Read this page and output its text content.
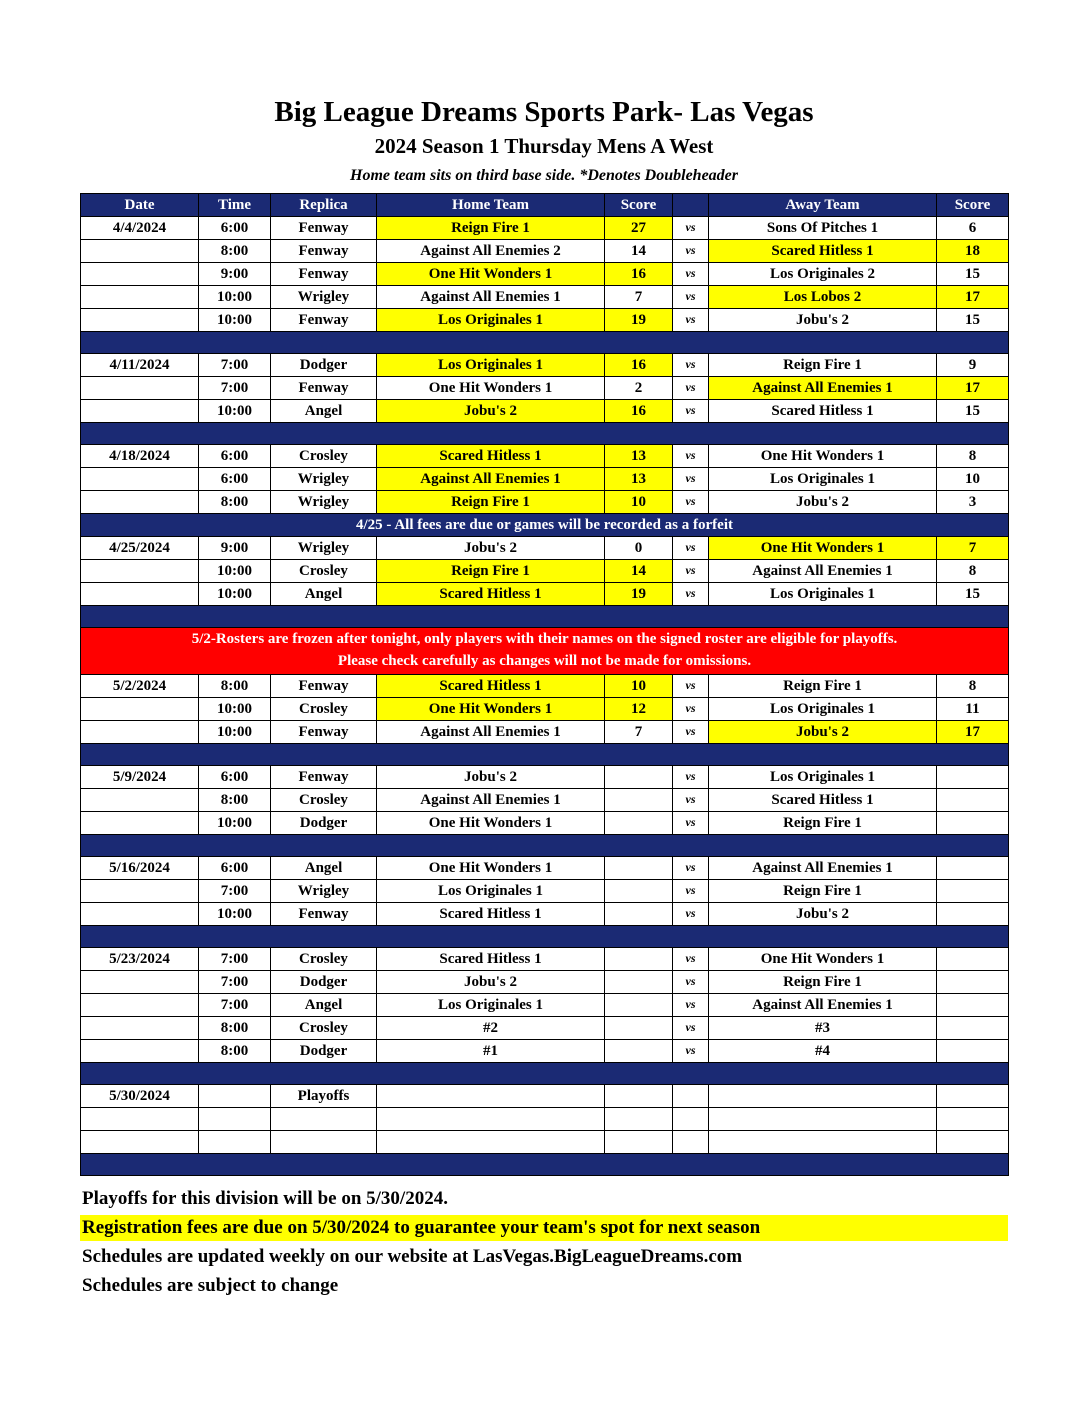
Big League Dreams Sports Park- Las Vegas
2024 Season 1 Thursday Mens A West
Home team sits on third base side. *Denotes Doubleheader
Date	Time	Replica	Home Team	Score		Away Team	Score
4/4/2024	6:00	Fenway	Reign Fire 1	27	vs	Sons Of Pitches 1	6
	8:00	Fenway	Against All Enemies 2	14	vs	Scared Hitless 1	18
	9:00	Fenway	One Hit Wonders 1	16	vs	Los Originales 2	15
	10:00	Wrigley	Against All Enemies 1	7	vs	Los Lobos 2	17
	10:00	Fenway	Los Originales 1	19	vs	Jobu's 2	15

4/11/2024	7:00	Dodger	Los Originales 1	16	vs	Reign Fire 1	9
	7:00	Fenway	One Hit Wonders 1	2	vs	Against All Enemies 1	17
	10:00	Angel	Jobu's 2	16	vs	Scared Hitless 1	15

4/18/2024	6:00	Crosley	Scared Hitless 1	13	vs	One Hit Wonders 1	8
	6:00	Wrigley	Against All Enemies 1	13	vs	Los Originales 1	10
	8:00	Wrigley	Reign Fire 1	10	vs	Jobu's 2	3
4/25 - All fees are due or games will be recorded as a forfeit							
4/25/2024	9:00	Wrigley	Jobu's 2	0	vs	One Hit Wonders 1	7
	10:00	Crosley	Reign Fire 1	14	vs	Against All Enemies 1	8
	10:00	Angel	Scared Hitless 1	19	vs	Los Originales 1	15

5/2-Rosters are frozen after tonight, only players with their names on the signed roster are eligible for playoffs.
Please check carefully as changes will not be made for omissions.							

5/2/2024	8:00	Fenway	Scared Hitless 1	10	vs	Reign Fire 1	8
	10:00	Crosley	One Hit Wonders 1	12	vs	Los Originales 1	11
	10:00	Fenway	Against All Enemies 1	7	vs	Jobu's 2	17

5/9/2024	6:00	Fenway	Jobu's 2		vs	Los Originales 1	
	8:00	Crosley	Against All Enemies 1		vs	Scared Hitless 1	
	10:00	Dodger	One Hit Wonders 1		vs	Reign Fire 1	

5/16/2024	6:00	Angel	One Hit Wonders 1		vs	Against All Enemies 1	
	7:00	Wrigley	Los Originales 1		vs	Reign Fire 1	
	10:00	Fenway	Scared Hitless 1		vs	Jobu's 2	

5/23/2024	7:00	Crosley	Scared Hitless 1		vs	One Hit Wonders 1	
	7:00	Dodger	Jobu's 2		vs	Reign Fire 1	
	7:00	Angel	Los Originales 1		vs	Against All Enemies 1	
	8:00	Crosley	#2		vs	#3	
	8:00	Dodger	#1		vs	#4	

5/30/2024		Playoffs					

Playoffs for this division will be on 5/30/2024.
Registration fees are due on 5/30/2024 to guarantee your team's spot for next season
Schedules are updated weekly on our website at LasVegas.BigLeagueDreams.com
Schedules are subject to change
